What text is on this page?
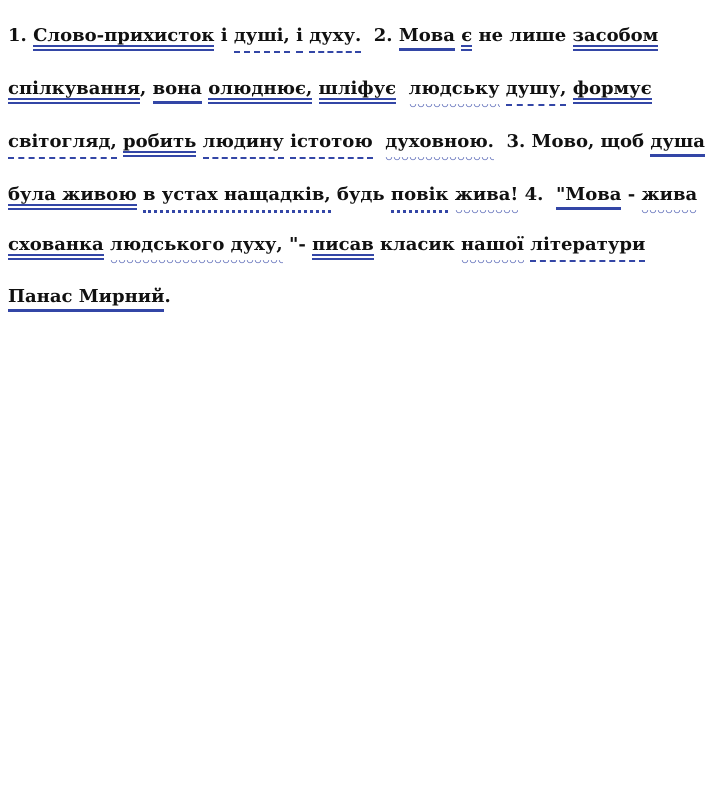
1. Слово-прихисток і душі, і духу. 2. Мова є не лише засобом
спілкування, вона олюднює, шліфує людську душу, формує
світогляд, робить людину істотою духовною. 3. Мово, щоб душа
була живою в устах нащадків, будь повік жива! 4. "Мова - жива
схованка людського духу, "- писав класик нашої літератури
Панас Мирний.
